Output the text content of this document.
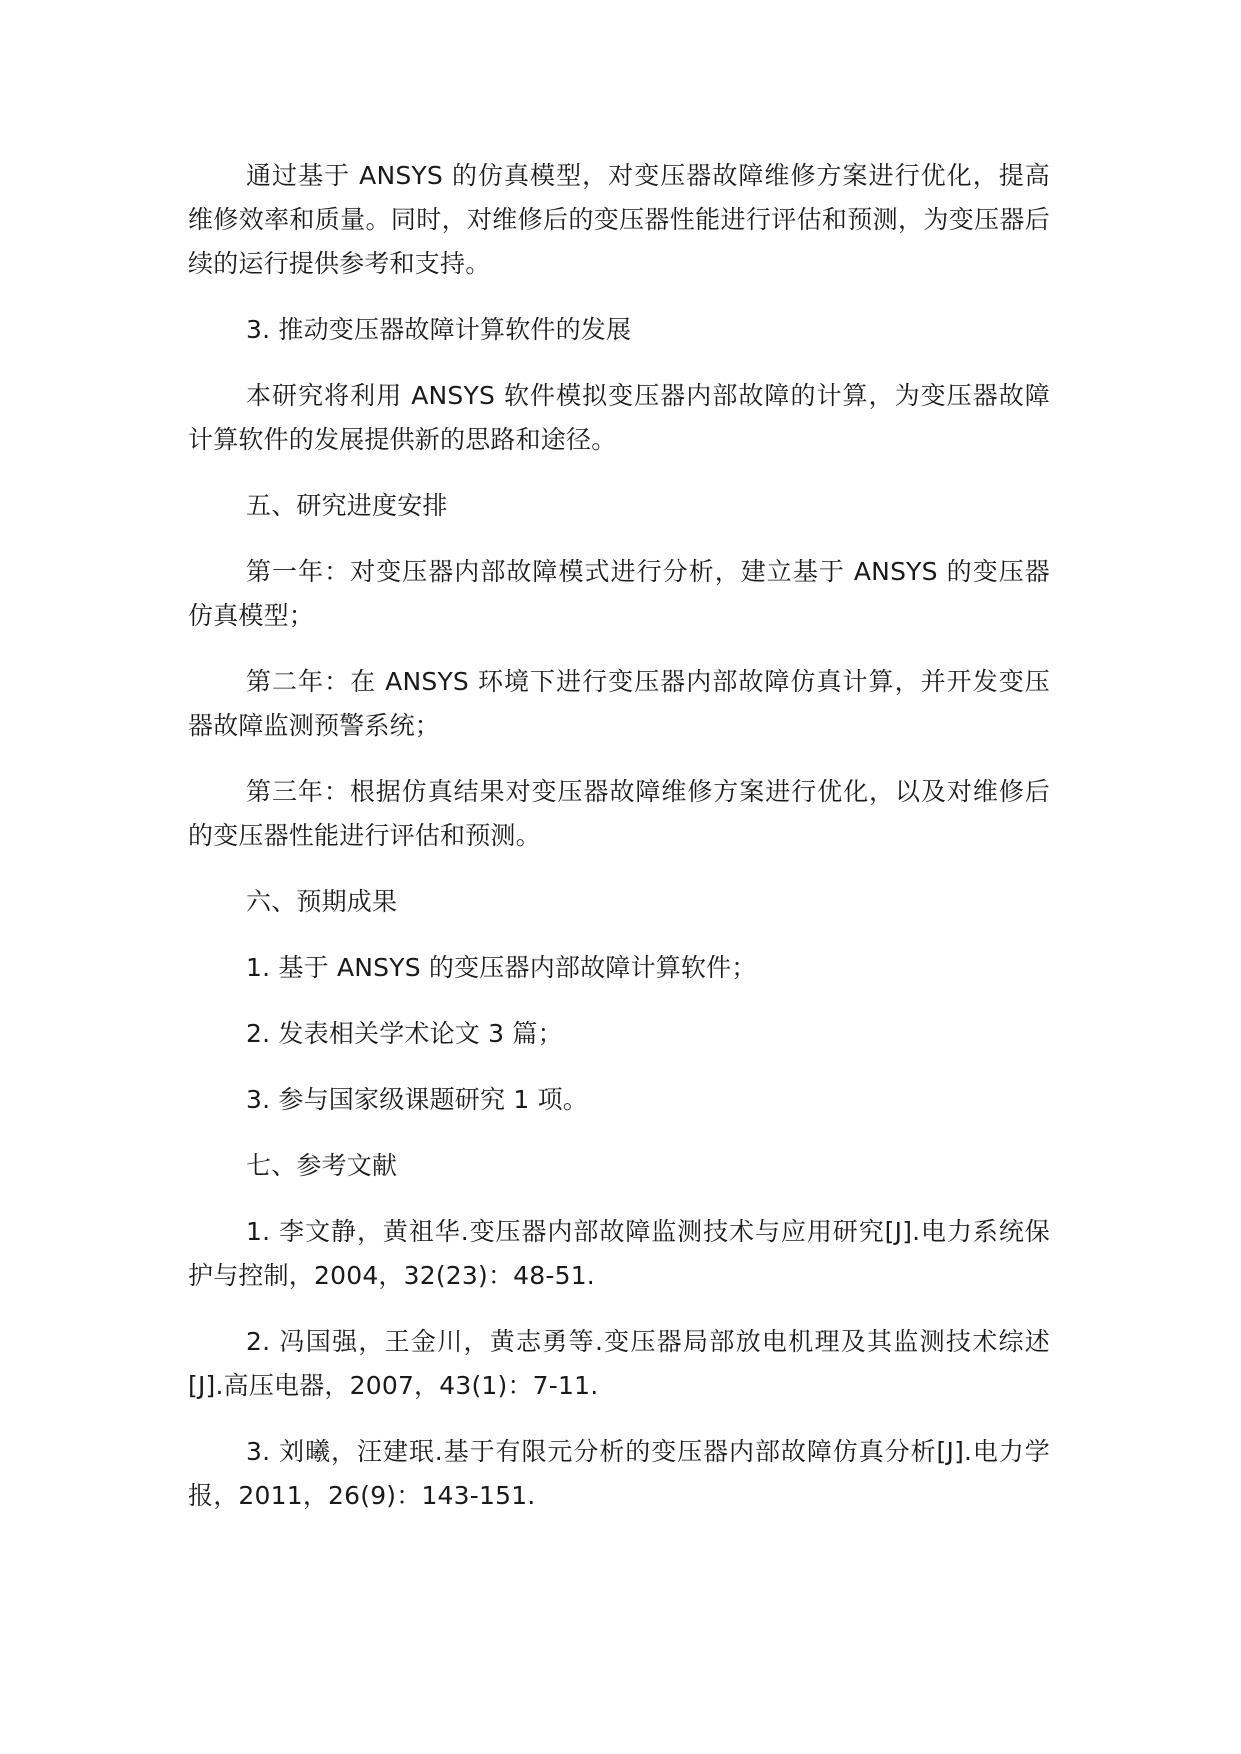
通过基于 ANSYS 的仿真模型，对变压器故障维修方案进行优化，提高维修效率和质量。同时，对维修后的变压器性能进行评估和预测，为变压器后续的运行提供参考和支持。

3. 推动变压器故障计算软件的发展

本研究将利用 ANSYS 软件模拟变压器内部故障的计算，为变压器故障计算软件的发展提供新的思路和途径。

五、研究进度安排

第一年：对变压器内部故障模式进行分析，建立基于 ANSYS 的变压器仿真模型；

第二年：在 ANSYS 环境下进行变压器内部故障仿真计算，并开发变压器故障监测预警系统；

第三年：根据仿真结果对变压器故障维修方案进行优化，以及对维修后的变压器性能进行评估和预测。

六、预期成果

1. 基于 ANSYS 的变压器内部故障计算软件；

2. 发表相关学术论文 3 篇；

3. 参与国家级课题研究 1 项。

七、参考文献

1. 李文静，黄祖华.变压器内部故障监测技术与应用研究[J].电力系统保护与控制，2004，32(23)：48-51.

2. 冯国强，王金川，黄志勇等.变压器局部放电机理及其监测技术综述[J].高压电器，2007，43(1)：7-11.

3. 刘曦，汪建珉.基于有限元分析的变压器内部故障仿真分析[J].电力学报，2011，26(9)：143-151.
